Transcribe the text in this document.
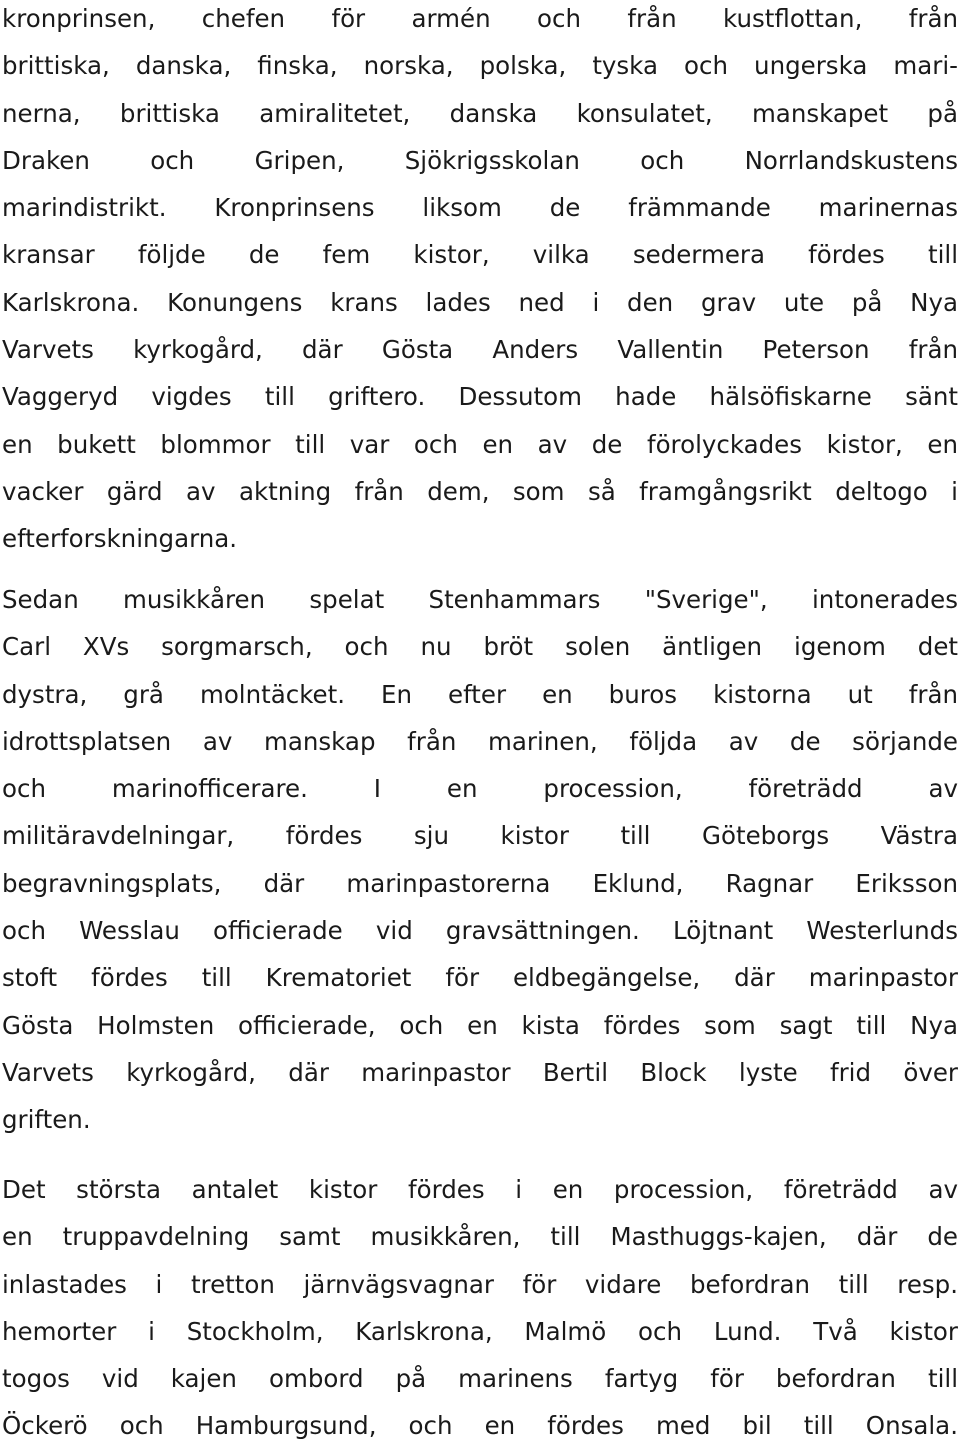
kronprinsen, chefen för armén och från kustflottan, från
brittiska, danska, finska, norska, polska, tyska och ungerska mari-
nerna, brittiska amiralitetet, danska konsulatet, manskapet på
Draken och Gripen, Sjökrigsskolan och Norrlandskustens
marindistrikt. Kronprinsens liksom de främmande marinernas
kransar följde de fem kistor, vilka sedermera fördes till
Karlskrona. Konungens krans lades ned i den grav ute på Nya
Varvets kyrkogård, där Gösta Anders Vallentin Peterson från
Vaggeryd vigdes till griftero. Dessutom hade hälsöfiskarne sänt
en bukett blommor till var och en av de förolyckades kistor, en
vacker gärd av aktning från dem, som så framgångsrikt deltogo i
efterforskningarna.
Sedan musikkåren spelat Stenhammars "Sverige", intonerades
Carl XVs sorgmarsch, och nu bröt solen äntligen igenom det
dystra, grå molntäcket. En efter en buros kistorna ut från
idrottsplatsen av manskap från marinen, följda av de sörjande
och marinofficerare. I en procession, företrädd av
militäravdelningar, fördes sju kistor till Göteborgs Västra
begravningsplats, där marinpastorerna Eklund, Ragnar Eriksson
och Wesslau officierade vid gravsättningen. Löjtnant Westerlunds
stoft fördes till Krematoriet för eldbegängelse, där marinpastor
Gösta Holmsten officierade, och en kista fördes som sagt till Nya
Varvets kyrkogård, där marinpastor Bertil Block lyste frid över
griften.
Det största antalet kistor fördes i en procession, företrädd av
en truppavdelning samt musikkåren, till Masthuggs-kajen, där de
inlastades i tretton järnvägsvagnar för vidare befordran till resp.
hemorter i Stockholm, Karlskrona, Malmö och Lund. Två kistor
togos vid kajen ombord på marinens fartyg för befordran till
Öckerö och Hamburgsund, och en fördes med bil till Onsala.
